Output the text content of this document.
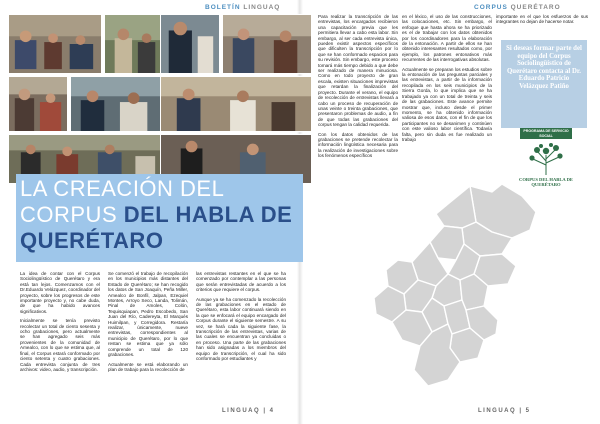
BOLETÍN LINGUAQ	CORPUS QUERÉTARO
LA CREACIÓN DEL
CORPUS DEL HABLA DE
QUERÉTARO

La idea de contar con el Corpus Sociolingüístico de Querétaro y era está tan lejos. Comenzamos con el Dr.Eduardo Velázquez, coordinador del proyecto, sobre los progresos de este importante proyecto y, no cabe duda, de que ha habido avances significativos.

Inicialmente se tenía previsto recolectar un total de ciento sesenta y ocho grabaciones, pero actualmente se han agregado seis más provenientes de la comunidad de Amealco, con lo que se estima que, al final, el Corpus estará conformado por ciento setenta y cuatro grabaciones. Cada entrevista conjunta de tres archivos: video, audio, y transcripción.

Se comenzó el trabajo de recopilación en los municipios más distantes del Estado de Querétaro; se han recogido los datos de San Joaquín, Peña Miller, Amealco de Bonfil, Jalpan, Ezequiel Montes, Arroyo Seco, Landa, Tolimán, Pinal de Amoles, Colón, Tequisquiapan, Pedro Escobedo, San Juan del Río, Cadereyta, El Marqués Huimilpan, y Corregidora. Restaría realizar, únicamente, nueve entrevistas, correspondientes al municipio de Querétaro, por lo que restan se estima que ya sólo comprende un total de 120 grabaciones.

Actualmente se está elaborando un plan de trabajo para la recolección de

las entrevistas restantes en el que se ha comenzado por contemplar a las personas que serán entrevistadas de acuerdo a los criterios que requiere el corpus.

Aunque ya se ha comenzado la recolección de las grabaciones en el estado de Querétaro, esta labor continuará siendo en la que se enfocará el equipo encargado del Corpus durante el siguiente semestre. A su vez, se hará cada la siguiente fase, la transcripción de las entrevistas, varias de las cuales se encuentran ya concluidas o en proceso. Una parte de las grabaciones han sido asignadas a los miembros del equipo de transcripción, el cual ha sido conformado por estudiantes y

Para realizar la transcripción de las entrevistas, los encargados recibieron una capacitación previa que les permitiera llevar a cabo esta labor. Sin embargo, al ser cada entrevista única, pueden existir aspectos específicos que dificulten la transcripción por lo que se han conformado espacios para su revisión. Sin embargo, este proceso tomará más tiempo debido a que debe ser realizado de manera minuciosa. Como en todo proyecto de gran escala, existen situaciones imprevistas que retardan la finalización del proyecto. Durante el verano, el equipo de recolección de entrevistas llevará a cabo un proceso de recuperación de unas veinte o treinta grabaciones, que presentaron problemas de audio, a fin de que todas las grabaciones del corpus tengan la calidad requerida.

Con los datos obtenidos de las grabaciones se pretende recolectar la información lingüística necesaria para la realización de investigaciones sobre los fenómenos específicos

en el léxico, el uso de las construcciones, las colocaciones, etc. Sin embargo, el enfoque que hasta ahora se ha priorizado es el de trabajar con los datos obtenidos por los coordinadores para la elaboración de la entonación. A partir de ellos se han obtenido interesantes resultados como, por ejemplo, los patrones entonativos más recurrentes de las interrogativas absolutas.

Actualmente se preparan los estudios sobre la entonación de las preguntas parciales y las entrevistas, a partir de la información recopilada en los seis municipios de la Sierra Gorda, lo que implica que se ha trabajado ya con un total de treinta y seis de las grabaciones. Este avance permite mostrar que, incluso desde el primer momento, se ha obtenido información valiosa de esos datos, con el fin de que los participantes no se desanimen y continúen con este valioso labor científica. Todavía falta, pero sin duda es fue realizado un trabajo

importante en el que los esfuerzos de sus integrantes no dejan de hacerse notar.

Si deseas formar parte del equipo del Corpus Sociolingüístico de Querétaro contacta al Dr. Eduardo Patricio Velázquez Patiño
PROGRAMA DE SERVICIO SOCIAL
CORPUS DEL HABLA DE QUERÉTARO
LINGUAQ | 4	LINGUAQ | 5
